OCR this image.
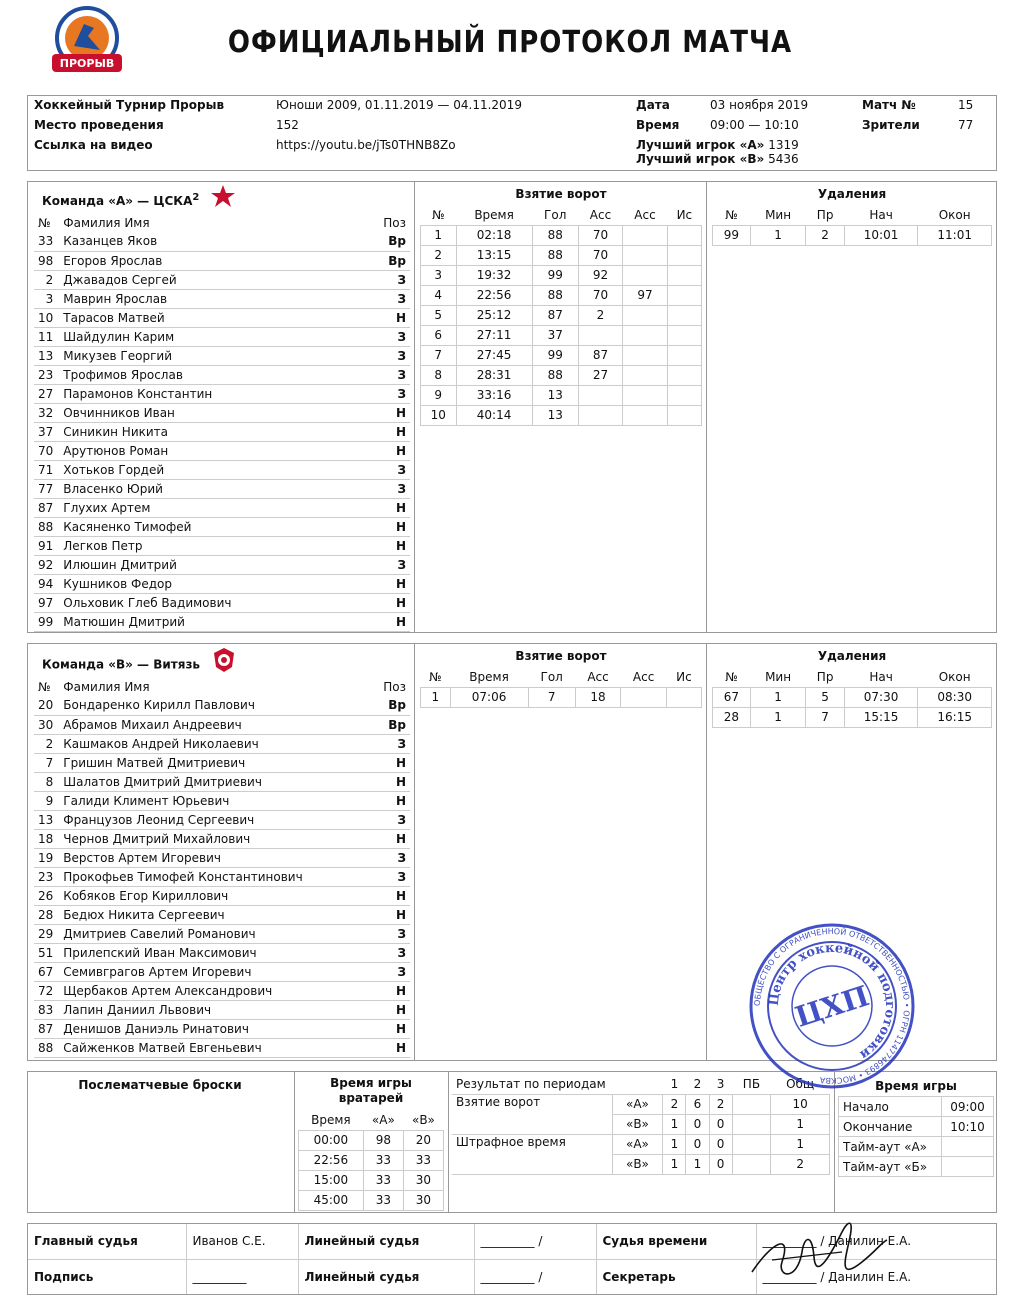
ПРОРЫВ
ОФИЦИАЛЬНЫЙ ПРОТОКОЛ МАТЧА
Хоккейный Турнир Прорыв	Юноши 2009, 01.11.2019 — 04.11.2019	Дата	03 ноября 2019	Матч №	15
Место проведения	152	Время	09:00 — 10:10	Зрители	77
Ссылка на видео	https://youtu.be/jTs0THNB8Zo	Лучший игрок «А» 1319
Лучший игрок «В» 5436			
Команда «А» — ЦСКА$^2$
№	Фамилия Имя	Поз
33	Казанцев Яков	Вр
98	Егоров Ярослав	Вр
2	Джавадов Сергей	З
3	Маврин Ярослав	З
10	Тарасов Матвей	Н
11	Шайдулин Карим	З
13	Микузев Георгий	З
23	Трофимов Ярослав	З
27	Парамонов Константин	З
32	Овчинников Иван	Н
37	Синикин Никита	Н
70	Арутюнов Роман	Н
71	Хотьков Гордей	З
77	Власенко Юрий	З
87	Глухих Артем	Н
88	Касяненко Тимофей	Н
91	Легков Петр	Н
92	Илюшин Дмитрий	З
94	Кушников Федор	Н
97	Ольховик Глеб Вадимович	Н
99	Матюшин Дмитрий	Н
Взятие ворот
№	Время	Гол	Асс	Асс	Ис
1	02:18	88	70		
2	13:15	88	70		
3	19:32	99	92		
4	22:56	88	70	97	
5	25:12	87	2		
6	27:11	37			
7	27:45	99	87		
8	28:31	88	27		
9	33:16	13			
10	40:14	13			
Удаления
№	Мин	Пр	Нач	Окон
99	1	2	10:01	11:01
Команда «В» — Витязь
№	Фамилия Имя	Поз
20	Бондаренко Кирилл Павлович	Вр
30	Абрамов Михаил Андреевич	Вр
2	Кашмаков Андрей Николаевич	З
7	Гришин Матвей Дмитриевич	Н
8	Шалатов Дмитрий Дмитриевич	Н
9	Галиди Климент Юрьевич	Н
13	Французов Леонид Сергеевич	З
18	Чернов Дмитрий Михайлович	Н
19	Верстов Артем Игоревич	З
23	Прокофьев Тимофей Константинович	З
26	Кобяков Егор Кириллович	Н
28	Бедюх Никита Сергеевич	Н
29	Дмитриев Савелий Романович	З
51	Прилепский Иван Максимович	З
67	Семивграгов Артем Игоревич	З
72	Щербаков Артем Александрович	Н
83	Лапин Даниил Львович	Н
87	Денишов Даниэль Ринатович	Н
88	Сайженков Матвей Евгеньевич	Н
Взятие ворот
№	Время	Гол	Асс	Асс	Ис
1	07:06	7	18		
Удаления
№	Мин	Пр	Нач	Окон
67	1	5	07:30	08:30
28	1	7	15:15	16:15
Послематчевые броски	Время игры вратарей
Время	«А»	«В»
00:00	98	20
22:56	33	33
15:00	33	30
45:00	33	30
Результат по периодам		1	2	3	ПБ	Общ
Взятие ворот	«А»	2	6	2		10
	«В»	1	0	0		1
Штрафное время	«А»	1	0	0		1
	«В»	1	1	0		2
Время игры
Начало	09:00
Окончание	10:10
Тайм-аут «А»	
Тайм-аут «Б»	
Главный судья	Иванов С.Е.	Линейный судья	_________ /	Судья времени	_________ / Данилин Е.А.
Подпись	_________	Линейный судья	_________ /	Секретарь	_________ / Данилин Е.А.
ОБЩЕСТВО С ОГРАНИЧЕННОЙ ОТВЕТСТВЕННОСТЬЮ • ОГРН 1147746893 • МОСКВА
Центр хоккейной подготовки
ЦХП
